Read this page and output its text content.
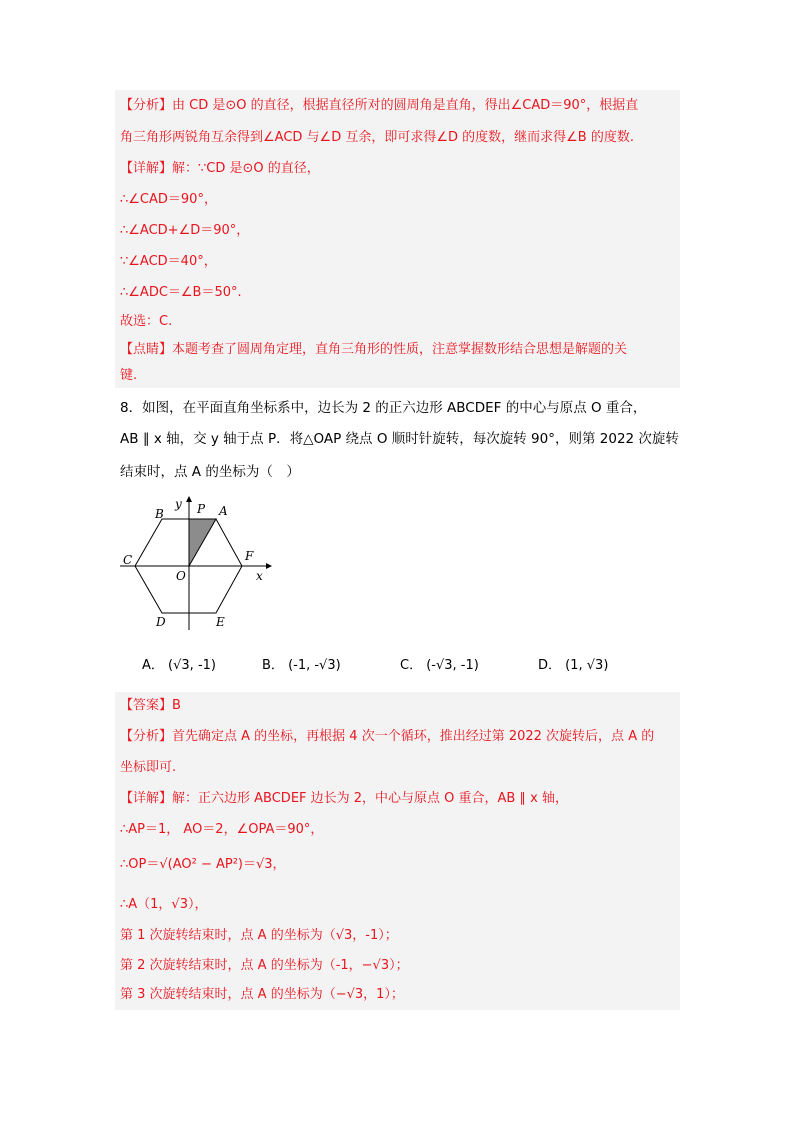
【分析】由 CD 是⊙O 的直径，根据直径所对的圆周角是直角，得出∠CAD＝90°，根据直
角三角形两锐角互余得到∠ACD 与∠D 互余，即可求得∠D 的度数，继而求得∠B 的度数.
【详解】解：∵CD 是⊙O 的直径，
∴∠CAD＝90°，
∴∠ACD+∠D＝90°，
∵∠ACD＝40°，
∴∠ADC＝∠B＝50°.
故选：C.
【点睛】本题考查了圆周角定理，直角三角形的性质，注意掌握数形结合思想是解题的关
键.
8．如图，在平面直角坐标系中，边长为 2 的正六边形 ABCDEF 的中心与原点 O 重合，
AB ∥ x 轴，交 y 轴于点 P．将△OAP 绕点 O 顺时针旋转，每次旋转 90°，则第 2022 次旋转
结束时，点 A 的坐标为（　）
y
B	P A
C	F
O	x
D	E
A． (√3, -1)	B． (-1, -√3)	C． (-√3, -1)	D． (1, √3)
【答案】B
【分析】首先确定点 A 的坐标，再根据 4 次一个循环，推出经过第 2022 次旋转后，点 A 的
坐标即可.
【详解】解：正六边形 ABCDEF 边长为 2，中心与原点 O 重合，AB ∥ x 轴，
∴AP＝1， AO＝2，∠OPA＝90°，
∴OP＝√(AO² − AP²)＝√3，
∴A（1，√3），
第 1 次旋转结束时，点 A 的坐标为（√3，-1）；
第 2 次旋转结束时，点 A 的坐标为（-1，−√3）；
第 3 次旋转结束时，点 A 的坐标为（−√3，1）；
